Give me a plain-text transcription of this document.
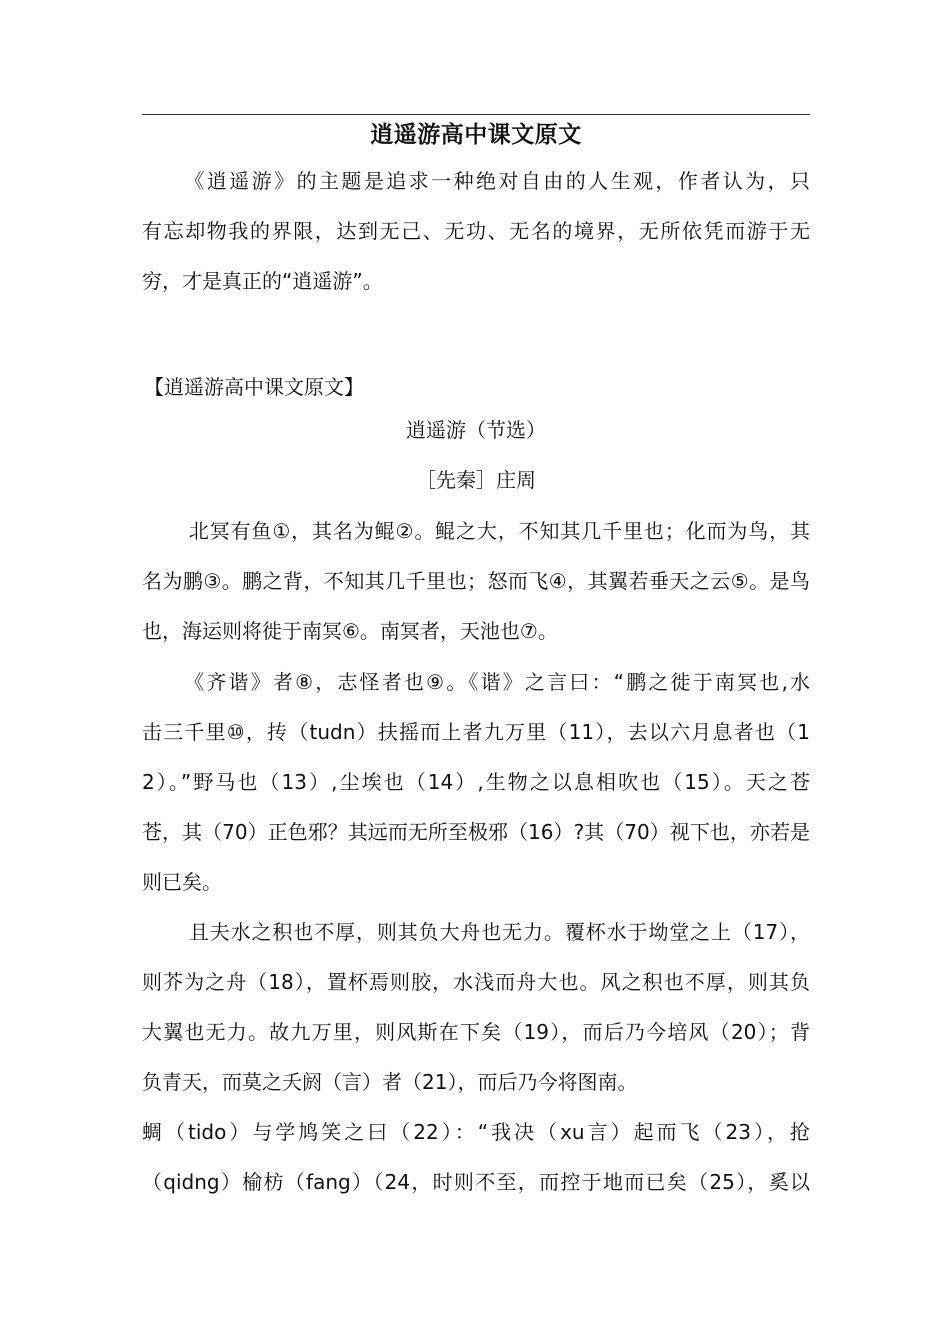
逍遥游高中课文原文
《逍遥游》的主题是追求一种绝对自由的人生观，作者认为，只
有忘却物我的界限，达到无己、无功、无名的境界，无所依凭而游于无
穷，才是真正的“逍遥游”。
【逍遥游高中课文原文】
逍遥游（节选）
［先秦］庄周
北冥有鱼①，其名为鲲②。鲲之大，不知其几千里也；化而为鸟，其
名为鹏③。鹏之背，不知其几千里也；怒而飞④，其翼若垂天之云⑤。是鸟
也，海运则将徙于南冥⑥。南冥者，天池也⑦。
《齐谐》者⑧，志怪者也⑨。《谐》之言曰：“鹏之徙于南冥也,水
击三千里⑩，抟（tudn）扶摇而上者九万里（11），去以六月息者也（1
2）。”野马也（13）,尘埃也（14）,生物之以息相吹也（15）。天之苍
苍，其（70）正色邪？其远而无所至极邪（16）?其（70）视下也，亦若是
则已矣。
且夫水之积也不厚，则其负大舟也无力。覆杯水于坳堂之上（17），
则芥为之舟（18），置杯焉则胶，水浅而舟大也。风之积也不厚，则其负
大翼也无力。故九万里，则风斯在下矣（19），而后乃今培风（20）；背
负青天，而莫之夭阏（言）者（21），而后乃今将图南。
蜩（tido）与学鸠笑之曰（22）：“我决（xu言）起而飞（23），抢
（qidng）榆枋（fang）（24，时则不至，而控于地而已矣（25），奚以
